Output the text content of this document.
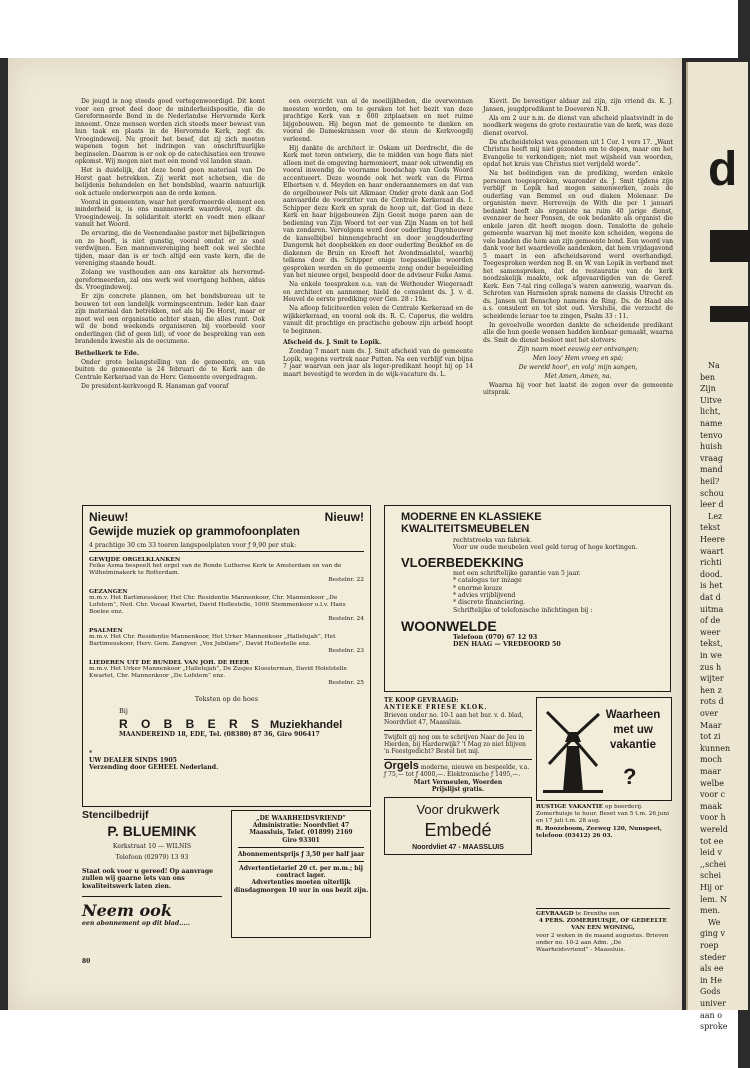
De jeugd is nog steeds goed vertegenwoordigd. Dit komt voor een groot deel door de minderheidspositie, die de Gereformeerde Bond in de Nederlandse Hervormde Kerk inneemt. Onze mensen worden zich steeds meer bewust van hun taak en plaats in de Hervormde Kerk, zegt ds. Vroegindeweij. Nu groeit het besef, dat zij zich moeten wapenen tegen het indringen van onschriftuurlijke beginselen. Daarom is er ook op de catechisaties een trouwe opkomst. Wij mogen niet met een mond vol landen staan.

Het is duidelijk, dat deze bond geen materiaal van De Horst gaat betrekken. Zij werkt met schetsen, die de belijdenis behandelen en het bondsblad, waarin natuurlijk ook actuele onderwerpen aan de orde komen.

Vooral in gemeenten, waar het gereformeerde element een minderheid is, is ons mannenwerk waardevol, zegt ds. Vroegindeweij. In solidariteit sterkt en voedt men elkaar vanuit het Woord.

De ervaring, die de Veenendaalse pastor met bijbelkringen en zo heeft, is niet gunstig, vooral omdat er zo snel verdwijnen. Een mannenvereniging heeft ook wel slechte tijden, maar dan is er toch altijd een vaste kern, die de vereniging staande houdt.

Zolang we vasthouden aan ons karakter als hervormd-gereformeerden, zal ons werk wel voortgang hebben, aldus ds. Vroegindeweij.

Er zijn concrete plannen, om het bondsbureau uit te bouwen tot een landelijk vormingscentrum. Ieder kan daar zijn materiaal dan betrekken, net als bij De Horst, maar er moet wel een organisatie achter staan, die alles runt. Ook wil de bond weekends organiseren bij voorbeeld voor onderlingen (lid of geen lid), of voor de bespreking van een brandende kwestie als de oecumene.

Bethelkerk te Ede.

Onder grote belangstelling van de gemeente, en van buiten de gemeente is 24 februari de te Kerk aan de Centrale Kerkeraad van de Herv. Gemeente overgedragen.

De president-kerkvoogd R. Hansman gaf vooraf

een overzicht van al de moeilijkheden, die overwonnen moesten worden, om te geraken tot het bezit van deze prachtige Kerk van ± 600 zitplaatsen en met ruime bijgebouwen. Hij begon met de gemeente te danken en vooral de Dameskransen voor de steun de Kerkvoogdij verleend.

Hij dankte de architect ir. Oskam uit Dordrecht, die de Kerk met toren ontwierp, die te midden van hoge flats niet alleen met de omgeving harmonieert, maar ook uitwendig en vooral inwendig de voorname boodschap van Gods Woord accentueert. Deze woonde ook het werk van de Firma Elbertsen v. d. Meyden en haar onderaannemers en dat van de orgelbouwer Pels uit Alkmaar. Onder grote dank aan God aanvaardde de voorzitter van de Centrale Kerkeraad ds. I. Schipper deze Kerk en sprak de hoop uit, dat God in deze Kerk en haar bijgebouwen Zijn Geest moge paren aan de bediening van Zijn Woord tot eer van Zijn Naam en tot heil van zondaren. Vervolgens werd door ouderling Duynhouwer de kanselbijbel binnengebracht en door jeugdouderling Dangernk het doopbekken en door ouderling Beukhof en de diakenen de Bruin en Kreeft het Avondmaalstel, waarbij telkens door ds. Schipper enige toepasselijke woorden gesproken werden en de gemeente zong onder begeleiding van het nieuwe orgel, bespeeld door de adviseur Feike Asma.

Na enkele toespraken o.a. van de Wethouder Wiegeraadt en architect en aannemer, hield de consulent ds. J. v. d. Heuvel de eerste prediking over Gen. 28 : 19a.

Na afloop feliciteerden velen de Centrale Kerkeraad en de wijkkerkeraad, en vooral ook ds. R. C. Cuperus, die weldra vanuit dit prachtige en practische gebouw zijn arbeid hoopt te beginnen.

Afscheid ds. J. Smit te Lopik.

Zondag 7 maart nam ds. J. Smit afscheid van de gemeente Lopik, wegens vertrek naar Putten. Na een verblijf van bijna 7 jaar waarvan een jaar als leger-predikant hoopt hij op 14 maart bevestigd te worden in de wijk-vacature ds. L.

Kievit. De bevestiger aldaar zal zijn, zijn vriend ds. K. J. Jansen, jeugdpredikant te Doeveren N.B.

Als om 2 uur n.m. de dienst van afscheid plaatsvindt in de noodkerk wegens de grote restauratie van de kerk, was deze dienst overvol.

De afscheidstekst was genomen uit 1 Cor. 1 vers 17. „Want Christus heeft mij niet gezonden om te dopen, maar om het Evangelie te verkondigen; niet met wijsheid van woorden, opdat het kruis van Christus niet verijdeld worde”.

Na het beëindigen van de prediking, werden enkele personen toegesproken, waaronder ds. J. Smit tijdens zijn verblijf in Lopik had mogen samenwerken, zoals de ouderling van Bemmel en oud diaken Molenaar. De organisten mevr. Herreveijn de With die per 1 januari bedankt heeft als organiste na ruim 40 jarige dienst, evenzeer de heer Ponsen, de ook bedankte als organist die enkele jaren dit heeft mogen doen. Tenslotte de gehele gemeente waarvan hij met moeite kon scheiden, wegens de vele banden die hem aan zijn gemeente bond. Een woord van dank voor het waardevolle aandenken, dat hem vrijdagavond 5 maart in een afscheidsavond werd overhandigd. Toegesproken werden nog B. en W. van Lopik in verband met het samenspreken, dat de restauratie van de kerk noodzakelijk maakte, ook afgevaardigden van de Geref. Kerk. Een 7-tal ring collega’s waren aanwezig, waarvan ds. Schroten van Harmelen sprak namens de classis Utrecht en ds. Jansen uit Benschop namens de Ring. Ds. de Haad als a.s. consulent en tot slot oud. Verslulis, die verzocht de scheidende leraar toe te zingen, Psalm 33 : 11.

In gevoelvolle woorden dankte de scheidende predikant alle die hun goede wensen hadden kenbaar gemaakt, waarna ds. Smit de dienst besloot met het slotvers:

Zijn naam moet eeuwig eer ontvangen;

Men looy' Hem vroeg en spá;

De wereld hoor', en volg' mijn sangen,

Met Amen, Amen, na.

Waarna hij voor het laatst de zegen over de gemeente uitsprak.

Nieuw!	Nieuw!
Gewijde muziek op grammofoonplaten
4 prachtige 30 cm 33 toeren langspeelplaten voor ƒ 9,90 per stuk:
GEWIJDE ORGELKLANKEN
Feike Asma bespeelt het orgel van de Ronde Lutherse Kerk te Amsterdam en van de Wilhelminakerk te Rotterdam.
Bestelnr. 22
GEZANGEN
m.m.v. Het Bartimeuskoor, Het Chr. Residentie Mannenkoor, Chr. Mannenkoor „De Lofstem”, Ned. Chr. Vocaal Kwartet, David Hollestelle, 1000 Stemmenkoor o.l.v. Hans Boelee enz.
Bestelnr. 24
PSALMEN
m.m.v. Het Chr. Residentie Mannenkoor, Het Urker Mannenkoor „Hallelujah”, Het Bartimeuskoor, Herv. Gem. Zangver. „Vox Jubilans”, David Hollestelle enz.
Bestelnr. 23
LIEDEREN UIT DE BUNDEL VAN JOH. DE HEER
m.m.v. Het Urker Mannenkoor „Hallelujah”, De Zusjes Kloosterman, David Holelstelle Kwartet, Chr. Mannenkoor „De Lofstem” enz.
Bestelnr. 25
Teksten op de hoes
Bij
R O B B E R S Muziekhandel
MAANDEREIND 18, EDE, Tel. (08380) 87 36, Giro 906417
*
UW DEALER SINDS 1905
Verzending door GEHEEL Nederland.
MODERNE EN KLASSIEKE KWALITEITSMEUBELEN
rechtstreeks van fabriek.
Voor uw oude meubelen veel geld terug of hoge kortingen.
VLOERBEDEKKING
met een schriftelijke garantie van 5 jaar.
* catalogus ter inzage
* enorme keuze
* advies vrijblijvend
* discrete financiering.
Schriftelijke of telefonische inlichtingen bij :
WOONWELDE
Telefoon (070) 67 12 93
DEN HAAG — VREDEOORD 50
TE KOOP GEVRAAGD:
ANTIEKE FRIESE KLOK.
Brieven onder no. 10-1 aan het bur. v. d. blad, Noordvliet 47, Maassluis.
Twijfelt gij nog om te schrijven Naar de Jeu in Hierden, bij Harderwijk? 't Mag zo niet blijven 'n Feestgedicht? Bestel het mij.
Orgels moderne, nieuwe en bespeelde, v.a. ƒ 75,— tot ƒ 4000,—. Elektronische ƒ 1495,—.
Mart Vermeulen, Woerden
Prijslijst gratis.
Voor drukwerk
Embedé
Noordvliet 47 - MAASSLUIS
Waarheen
met uw
vakantie
?
RUSTIGE VAKANTIE op boerderij. Zomerhuisje te huur. Beset van 5 t.m. 26 juni en 17 juli t.m. 28 aug.
R. Roozeboom, Zeeweg 120, Nunspeet, telefoon (03412) 26 03.
GEVRAAGD te Drenthe een
4 PERS. ZOMERHUISJE, OF GEDEELTE VAN EEN WONING,
voor 2 weken in de maand augustus. Brieven onder no. 10-2 aan Adm. „De Waarheidsvriend” - Maassluis.
Stencilbedrijf
P. BLUEMINK
Kerkstraat 10 — WILNIS
Telefoon (02979) 13 93
Staat ook voor u gereed! Op aanvrage zullen wij gaarne iets van ons kwaliteitswerk laten zien.
Neem ook
een abonnement op dit blad.....
80
„DE WAARHEIDSVRIEND”
Administratie: Noordvliet 47
Maassluis, Telef. (01899) 2169
Giro 93301
Abonnementsprijs ƒ 3,50 per half jaar
Advertentietarief 20 ct. per m.m.; bij contract lager.
Advertenties moeten uiterlijk dinsdagmorgen 10 uur in ons bezit zijn.
d
Na
ben
Zijn
Uitve
licht,
name
tenvo
huish
vraag
mand
heil?
schou
leer d
Lez
tekst
Heere
waart
richti
dood.
is het
dat d
uitma
of de
weer
tekst,
in we
zus h
wijter
hen z
rots d
over
Maar
tot zi
kunnen
moch
maar
welbe
voor c
maak
voor h
wereld
tot ee
leid v
,,schei
schei
Hij or
lem. N
men.
We
ging v
roep
steder
als ee
in He
Gods
univer
aan o
sproke
